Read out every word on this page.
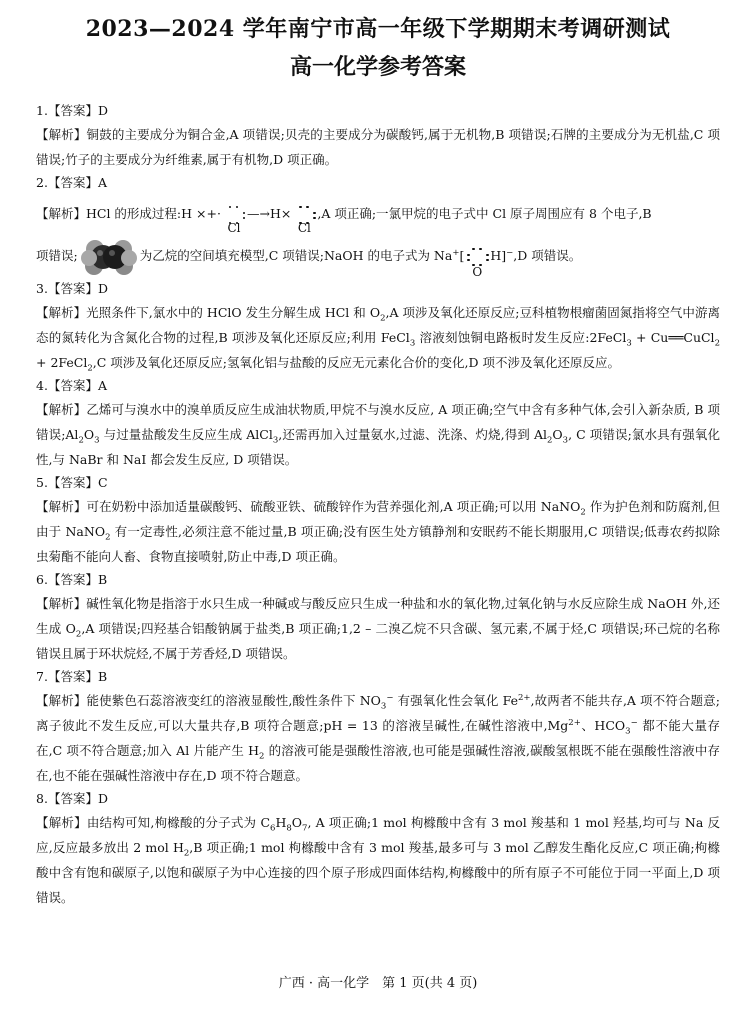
2023—2024 学年南宁市高一年级下学期期末考调研测试
高一化学参考答案
1.【答案】D
【解析】铜鼓的主要成分为铜合金,A 项错误;贝壳的主要成分为碳酸钙,属于无机物,B 项错误;石牌的主要成分为无机盐,C 项错误;竹子的主要成分为纤维素,属于有机物,D 项正确。
2.【答案】A
【解析】HCl 的形成过程:H ×+·
Cl
—→H×
Cl
,A 项正确;一氯甲烷的电子式中 Cl 原子周围应有 8 个电子,B
项错误;	为乙烷的空间填充模型,C 项错误;NaOH 的电子式为 Na+[
O
H]−,D 项错误。
3.【答案】D
【解析】光照条件下,氯水中的 HClO 发生分解生成 HCl 和 $O_2,A$ 项涉及氧化还原反应;豆科植物根瘤菌固氮指将空气中游离态的氮转化为含氮化合物的过程,B 项涉及氧化还原反应;利用 FeCl$_3$ 溶液刻蚀铜电路板时发生反应:2FeCl$_3$ + Cu══CuCl$_2$ + 2FeCl$_2$,C 项涉及氧化还原反应;氢氧化铝与盐酸的反应无元素化合价的变化,D 项不涉及氧化还原反应。
4.【答案】A
【解析】乙烯可与溴水中的溴单质反应生成油状物质,甲烷不与溴水反应, A 项正确;空气中含有多种气体,会引入新杂质, B 项错误$;Al_2O_3$ 与过量盐酸发生反应生成 AlCl$_3$,还需再加入过量氨水,过滤、洗涤、灼烧,得到 $Al_2O_3$, C 项错误;氯水具有强氧化性,与 NaBr 和 NaI 都会发生反应, D 项错误。
5.【答案】C
【解析】可在奶粉中添加适量碳酸钙、硫酸亚铁、硫酸锌作为营养强化剂,A 项正确;可以用 NaNO$_2$ 作为护色剂和防腐剂,但由于 NaNO$_2$ 有一定毒性,必须注意不能过量,B 项正确;没有医生处方镇静剂和安眠药不能长期服用,C 项错误;低毒农药拟除虫菊酯不能向人畜、食物直接喷射,防止中毒,D 项正确。
6.【答案】B
【解析】碱性氧化物是指溶于水只生成一种碱或与酸反应只生成一种盐和水的氧化物,过氧化钠与水反应除生成 NaOH 外,还生成 $O_2,A$ 项错误;四羟基合铝酸钠属于盐类,B 项正确;1,2 – 二溴乙烷不只含碳、氢元素,不属于烃,C 项错误;环己烷的名称错误且属于环状烷烃,不属于芳香烃,D 项错误。
7.【答案】B
【解析】能使紫色石蕊溶液变红的溶液显酸性,酸性条件下 $NO_3^-$ 有强氧化性会氧化 $Fe^{2+}$,故两者不能共存,A 项不符合题意;离子彼此不发生反应,可以大量共存,B 项符合题意;pH = 13 的溶液呈碱性,在碱性溶液中$,Mg^{2+}$、$HCO_3^-$ 都不能大量存在,C 项不符合题意;加入 Al 片能产生 $H_2$ 的溶液可能是强酸性溶液,也可能是强碱性溶液,碳酸氢根既不能在强酸性溶液中存在,也不能在强碱性溶液中存在,D 项不符合题意。
8.【答案】D
【解析】由结构可知,枸橼酸的分子式为 $C_6H_8O_7$, A 项正确;1 mol 枸橼酸中含有 3 mol 羧基和 1 mol 羟基,均可与 Na 反应,反应最多放出 2 mol $H_2,B$ 项正确;1 mol 枸橼酸中含有 3 mol 羧基,最多可与 3 mol 乙醇发生酯化反应,C 项正确;枸橼酸中含有饱和碳原子,以饱和碳原子为中心连接的四个原子形成四面体结构,枸橼酸中的所有原子不可能位于同一平面上,D 项错误。
广西 · 高一化学　第 1 页(共 4 页)
